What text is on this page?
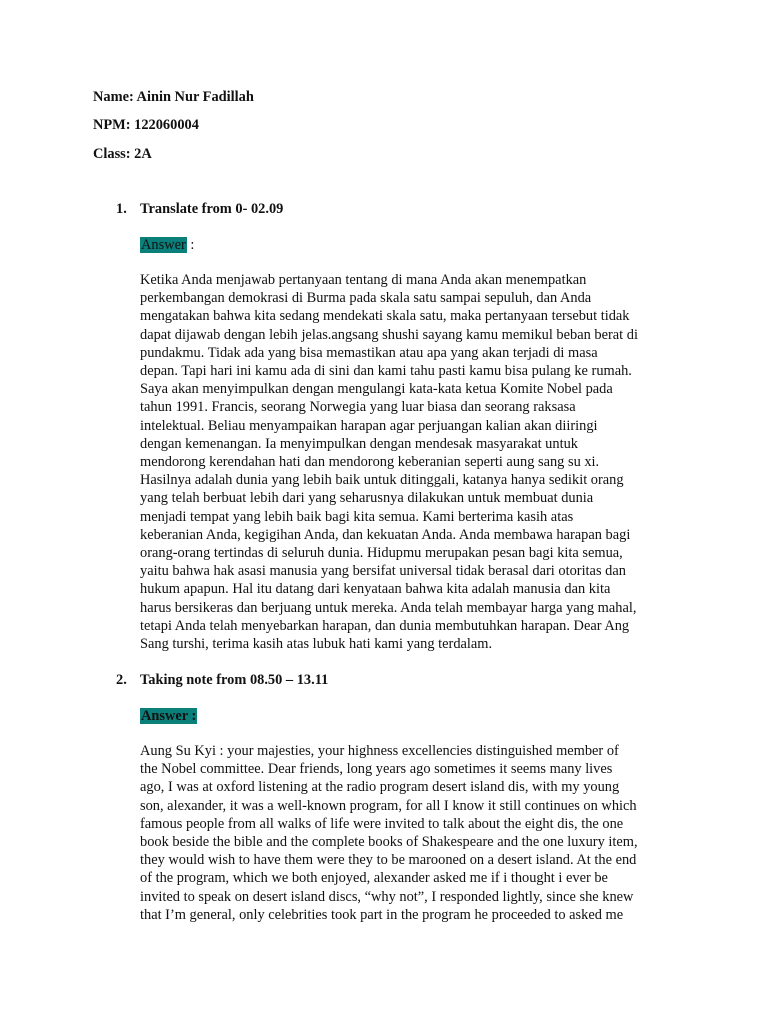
Name: Ainin Nur Fadillah
NPM: 122060004
Class: 2A
1. Translate from 0- 02.09
Answer :
Ketika Anda menjawab pertanyaan tentang di mana Anda akan menempatkan
perkembangan demokrasi di Burma pada skala satu sampai sepuluh, dan Anda
mengatakan bahwa kita sedang mendekati skala satu, maka pertanyaan tersebut tidak
dapat dijawab dengan lebih jelas.angsang shushi sayang kamu memikul beban berat di
pundakmu. Tidak ada yang bisa memastikan atau apa yang akan terjadi di masa
depan. Tapi hari ini kamu ada di sini dan kami tahu pasti kamu bisa pulang ke rumah.
Saya akan menyimpulkan dengan mengulangi kata-kata ketua Komite Nobel pada
tahun 1991. Francis, seorang Norwegia yang luar biasa dan seorang raksasa
intelektual. Beliau menyampaikan harapan agar perjuangan kalian akan diiringi
dengan kemenangan. Ia menyimpulkan dengan mendesak masyarakat untuk
mendorong kerendahan hati dan mendorong keberanian seperti aung sang su xi.
Hasilnya adalah dunia yang lebih baik untuk ditinggali, katanya hanya sedikit orang
yang telah berbuat lebih dari yang seharusnya dilakukan untuk membuat dunia
menjadi tempat yang lebih baik bagi kita semua. Kami berterima kasih atas
keberanian Anda, kegigihan Anda, dan kekuatan Anda. Anda membawa harapan bagi
orang-orang tertindas di seluruh dunia. Hidupmu merupakan pesan bagi kita semua,
yaitu bahwa hak asasi manusia yang bersifat universal tidak berasal dari otoritas dan
hukum apapun. Hal itu datang dari kenyataan bahwa kita adalah manusia dan kita
harus bersikeras dan berjuang untuk mereka. Anda telah membayar harga yang mahal,
tetapi Anda telah menyebarkan harapan, dan dunia membutuhkan harapan. Dear Ang
Sang turshi, terima kasih atas lubuk hati kami yang terdalam.
2. Taking note from 08.50 – 13.11
Answer :
Aung Su Kyi : your majesties, your highness excellencies distinguished member of
the Nobel committee. Dear friends, long years ago sometimes it seems many lives
ago, I was at oxford listening at the radio program desert island dis, with my young
son, alexander, it was a well-known program, for all I know it still continues on which
famous people from all walks of life were invited to talk about the eight dis, the one
book beside the bible and the complete books of Shakespeare and the one luxury item,
they would wish to have them were they to be marooned on a desert island. At the end
of the program, which we both enjoyed, alexander asked me if i thought i ever be
invited to speak on desert island discs, “why not”, I responded lightly, since she knew
that I’m general, only celebrities took part in the program he proceeded to asked me
